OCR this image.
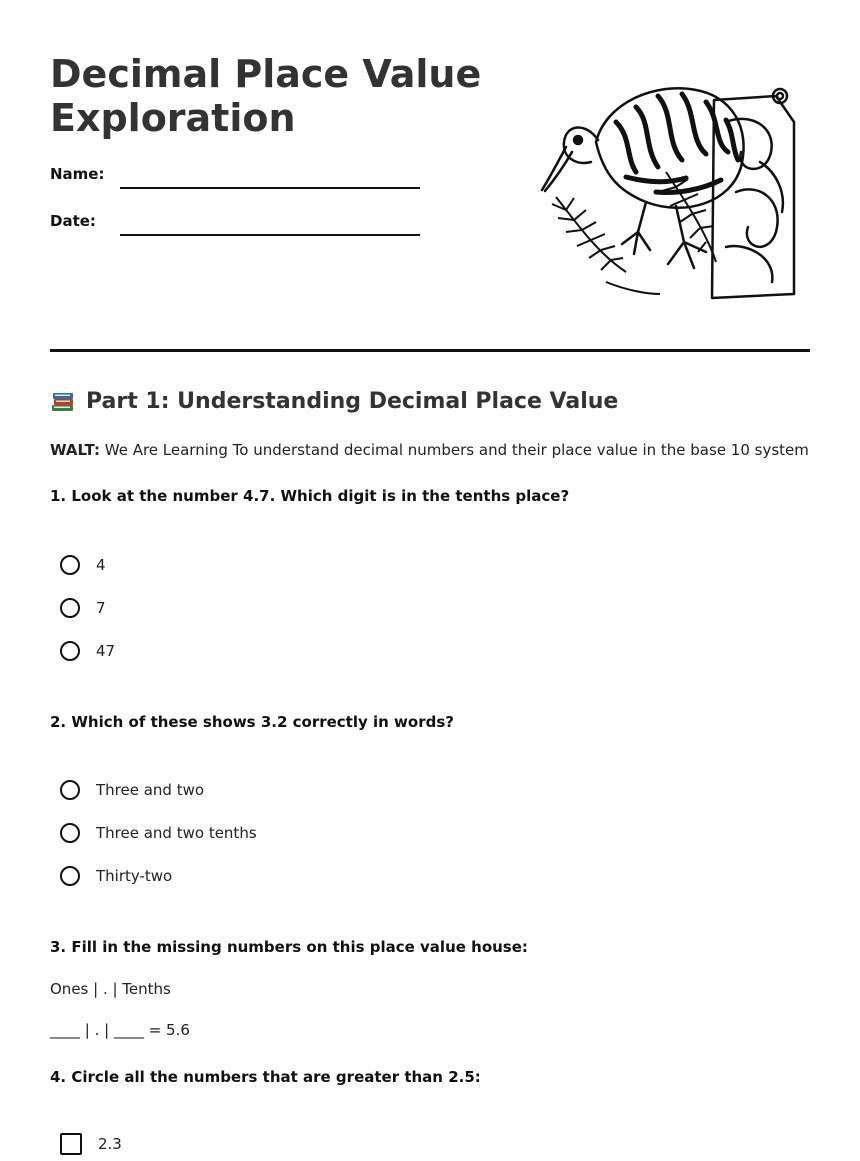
Decimal Place Value Exploration
Name:
Date:
Part 1: Understanding Decimal Place Value
WALT: We Are Learning To understand decimal numbers and their place value in the base 10 system
1. Look at the number 4.7. Which digit is in the tenths place?
4
7
47
2. Which of these shows 3.2 correctly in words?
Three and two
Three and two tenths
Thirty-two
3. Fill in the missing numbers on this place value house:
Ones | . | Tenths
____ | . | ____ = 5.6
4. Circle all the numbers that are greater than 2.5:
2.3
